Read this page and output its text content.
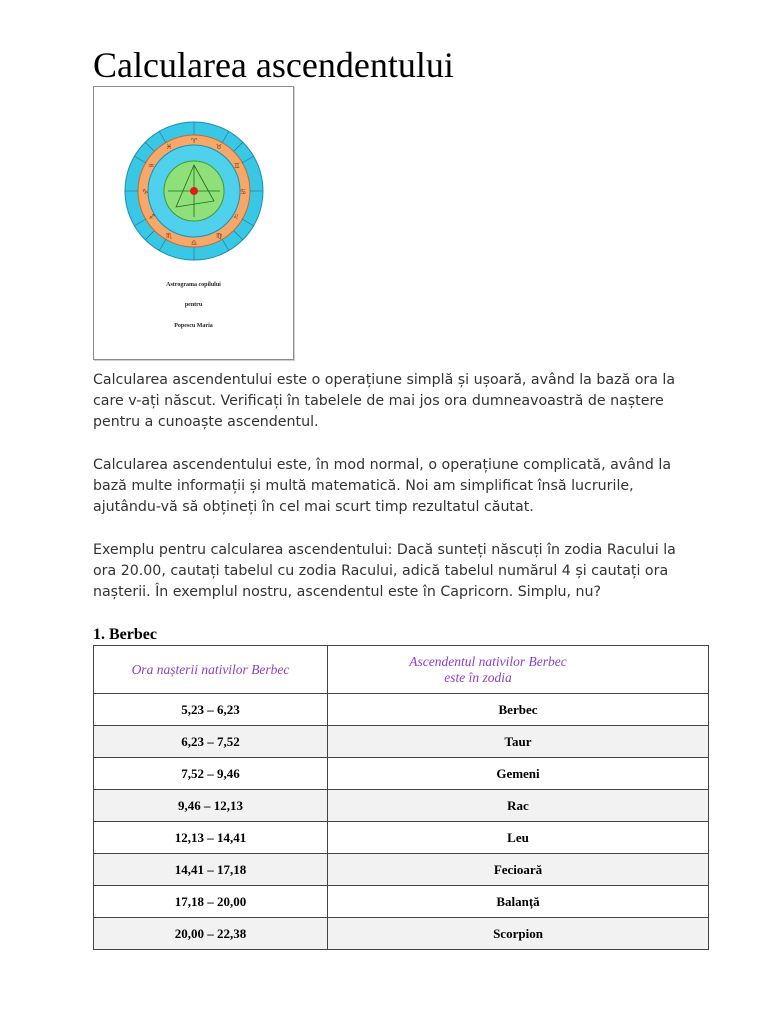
Calcularea ascendentului
♈
♉
♊
♋
♌
♍
♎
♏
♐
♑
♒
♓
Astrograma copilului
pentru
Popescu Maria

Calcularea ascendentului este o operațiune simplă și ușoară, având la bază ora la care v-ați născut. Verificați în tabelele de mai jos ora dumneavoastră de naștere pentru a cunoaște ascendentul.

Calcularea ascendentului este, în mod normal, o operațiune complicată, având la bază multe informații și multă matematică. Noi am simplificat însă lucrurile, ajutându-vă să obțineți în cel mai scurt timp rezultatul căutat.

Exemplu pentru calcularea ascendentului: Dacă sunteți născuți în zodia Racului la ora 20.00, cautați tabelul cu zodia Racului, adică tabelul numărul 4 și cautați ora nașterii. În exemplul nostru, ascendentul este în Capricorn. Simplu, nu?

1. Berbec
Ora nașterii nativilor Berbec	Ascendentul nativilor Berbec
este în zodia

5,23 – 6,23	Berbec
6,23 – 7,52	Taur
7,52 – 9,46	Gemeni
9,46 – 12,13	Rac
12,13 – 14,41	Leu
14,41 – 17,18	Fecioară
17,18 – 20,00	Balanță
20,00 – 22,38	Scorpion
